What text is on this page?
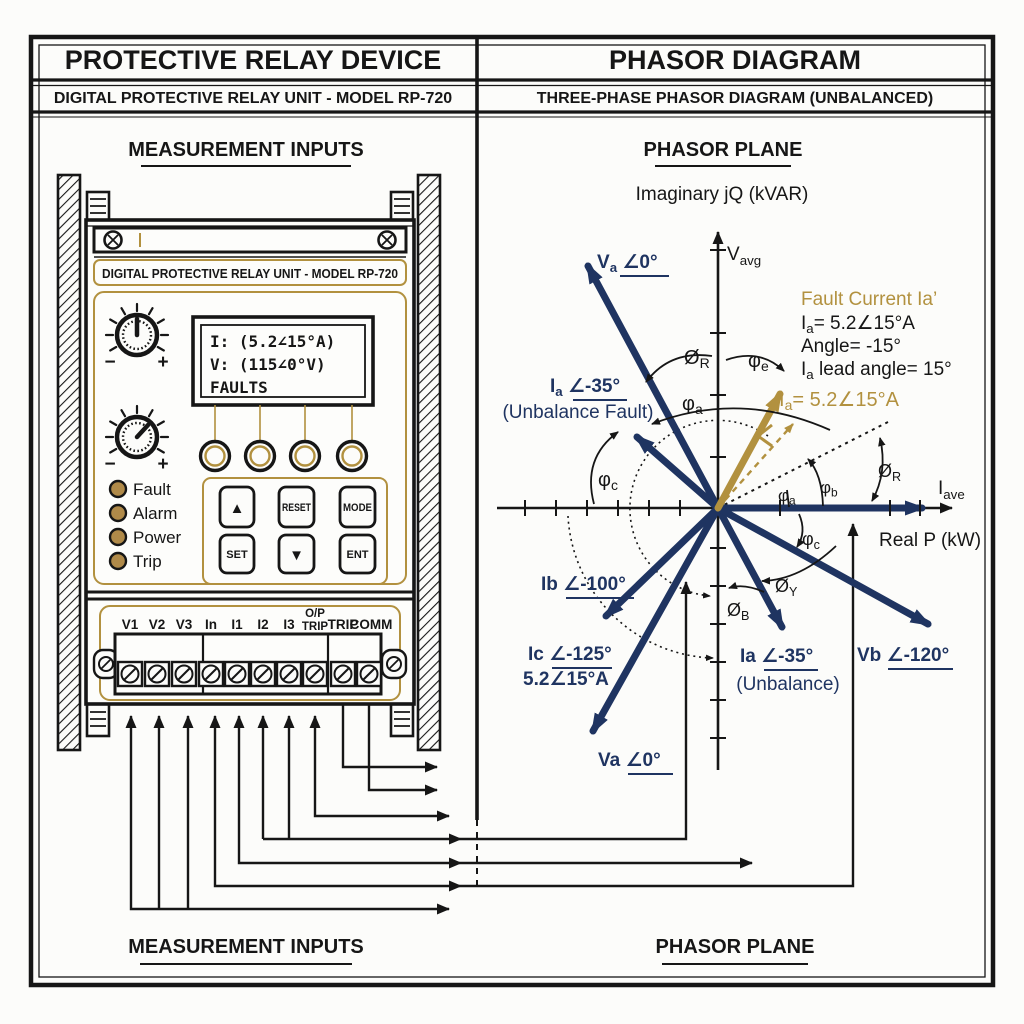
PROTECTIVE RELAY DEVICE	PHASOR DIAGRAM
DIGITAL PROTECTIVE RELAY UNIT - MODEL RP-720	THREE-PHASE PHASOR DIAGRAM (UNBALANCED)
MEASUREMENT INPUTS
DIGITAL PROTECTIVE RELAY UNIT - MODEL RP-720
− +
− +
I: (5.2∠15°A)
V: (115∠0°V)
FAULTS
Fault
Alarm
Power
Trip
▲	RESET	MODE
SET	▼	ENT
V1 V2 V3 In I1 I2 I3
O/P
TRIP TRIP
COMM
MEASUREMENT INPUTS	PHASOR PLANE
PHASOR PLANE
Imaginary jQ (kVAR)
$V_{avg}$
$I_{ave}$
Real P (kW)
$Ø_R$ $\varphi_e$
$\varphi_a$
$\varphi_c$
$\varphi_a$
$\varphi_b$
$Ø_R$
$\varphi_c$
$Ø_Y$
$Ø_B$
$V_a$ ∠0°
$I_a$ ∠-35°
(Unbalance Fault)
Ib ∠-100°
Ic ∠-125°
5.2∠15°A
Va ∠0°
Ia ∠-35°
(Unbalance)
Vb ∠-120°
Fault Current Ia’
$I_a=$ 5.2∠15°A
Angle= -15°
$I_a$ lead angle= 15°
$I_a=$ 5.2∠15°A
